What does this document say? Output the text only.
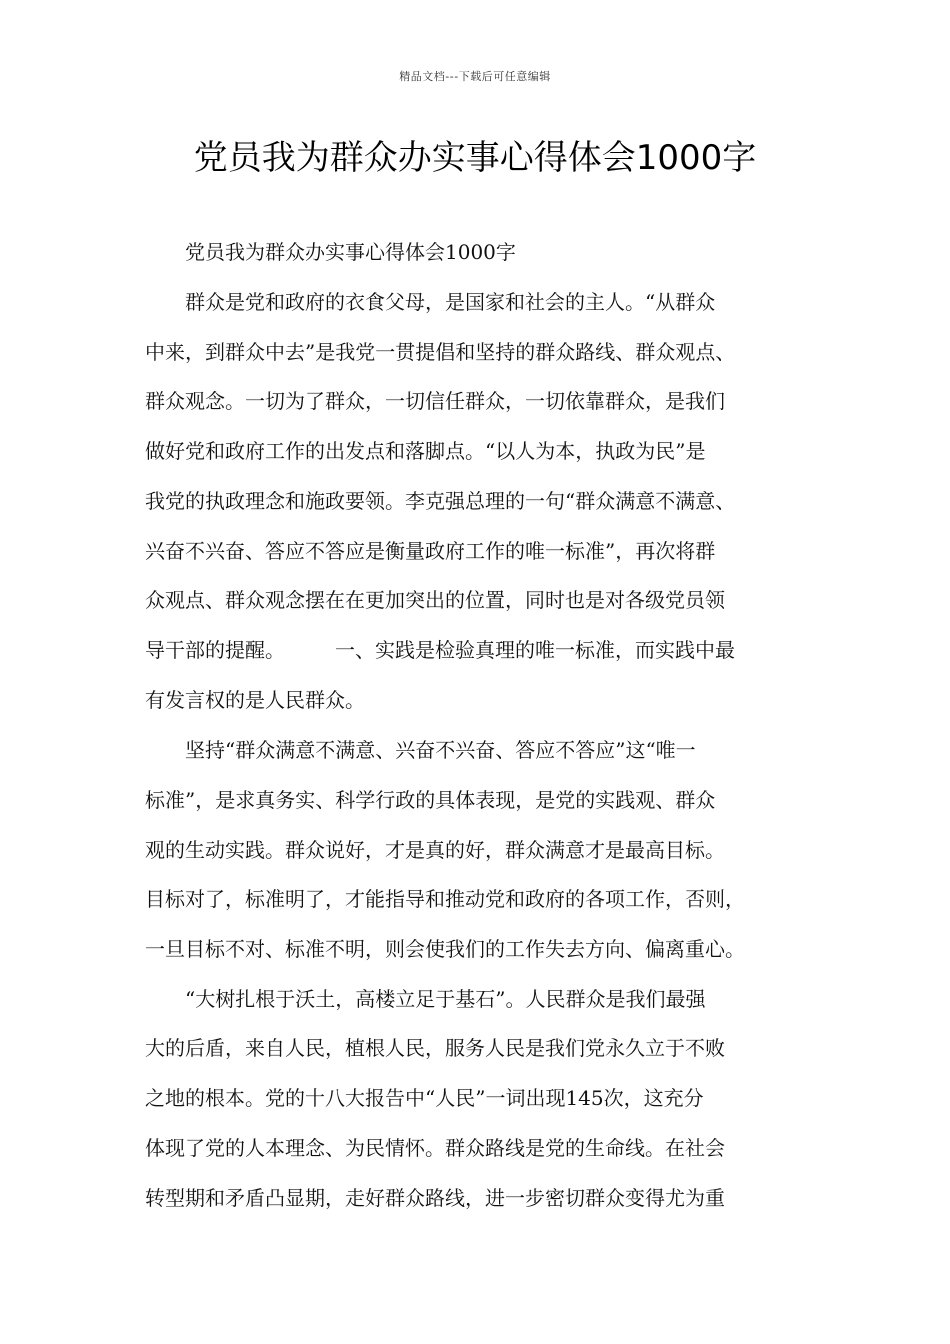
精品文档---下载后可任意编辑
党员我为群众办实事心得体会1000字
　　党员我为群众办实事心得体会1000字
　　群众是党和政府的衣食父母，是国家和社会的主人。“从群众
中来，到群众中去”是我党一贯提倡和坚持的群众路线、群众观点、
群众观念。一切为了群众，一切信任群众，一切依靠群众，是我们
做好党和政府工作的出发点和落脚点。“以人为本，执政为民”是
我党的执政理念和施政要领。李克强总理的一句“群众满意不满意、
兴奋不兴奋、答应不答应是衡量政府工作的唯一标准”，再次将群
众观点、群众观念摆在在更加突出的位置，同时也是对各级党员领
导干部的提醒。　　　一、实践是检验真理的唯一标准，而实践中最
有发言权的是人民群众。
　　坚持“群众满意不满意、兴奋不兴奋、答应不答应”这“唯一
标准”，是求真务实、科学行政的具体表现，是党的实践观、群众
观的生动实践。群众说好，才是真的好，群众满意才是最高目标。
目标对了，标准明了，才能指导和推动党和政府的各项工作，否则，
一旦目标不对、标准不明，则会使我们的工作失去方向、偏离重心。
　　“大树扎根于沃土，高楼立足于基石”。人民群众是我们最强
大的后盾，来自人民，植根人民，服务人民是我们党永久立于不败
之地的根本。党的十八大报告中“人民”一词出现145次，这充分
体现了党的人本理念、为民情怀。群众路线是党的生命线。在社会
转型期和矛盾凸显期，走好群众路线，进一步密切群众变得尤为重
